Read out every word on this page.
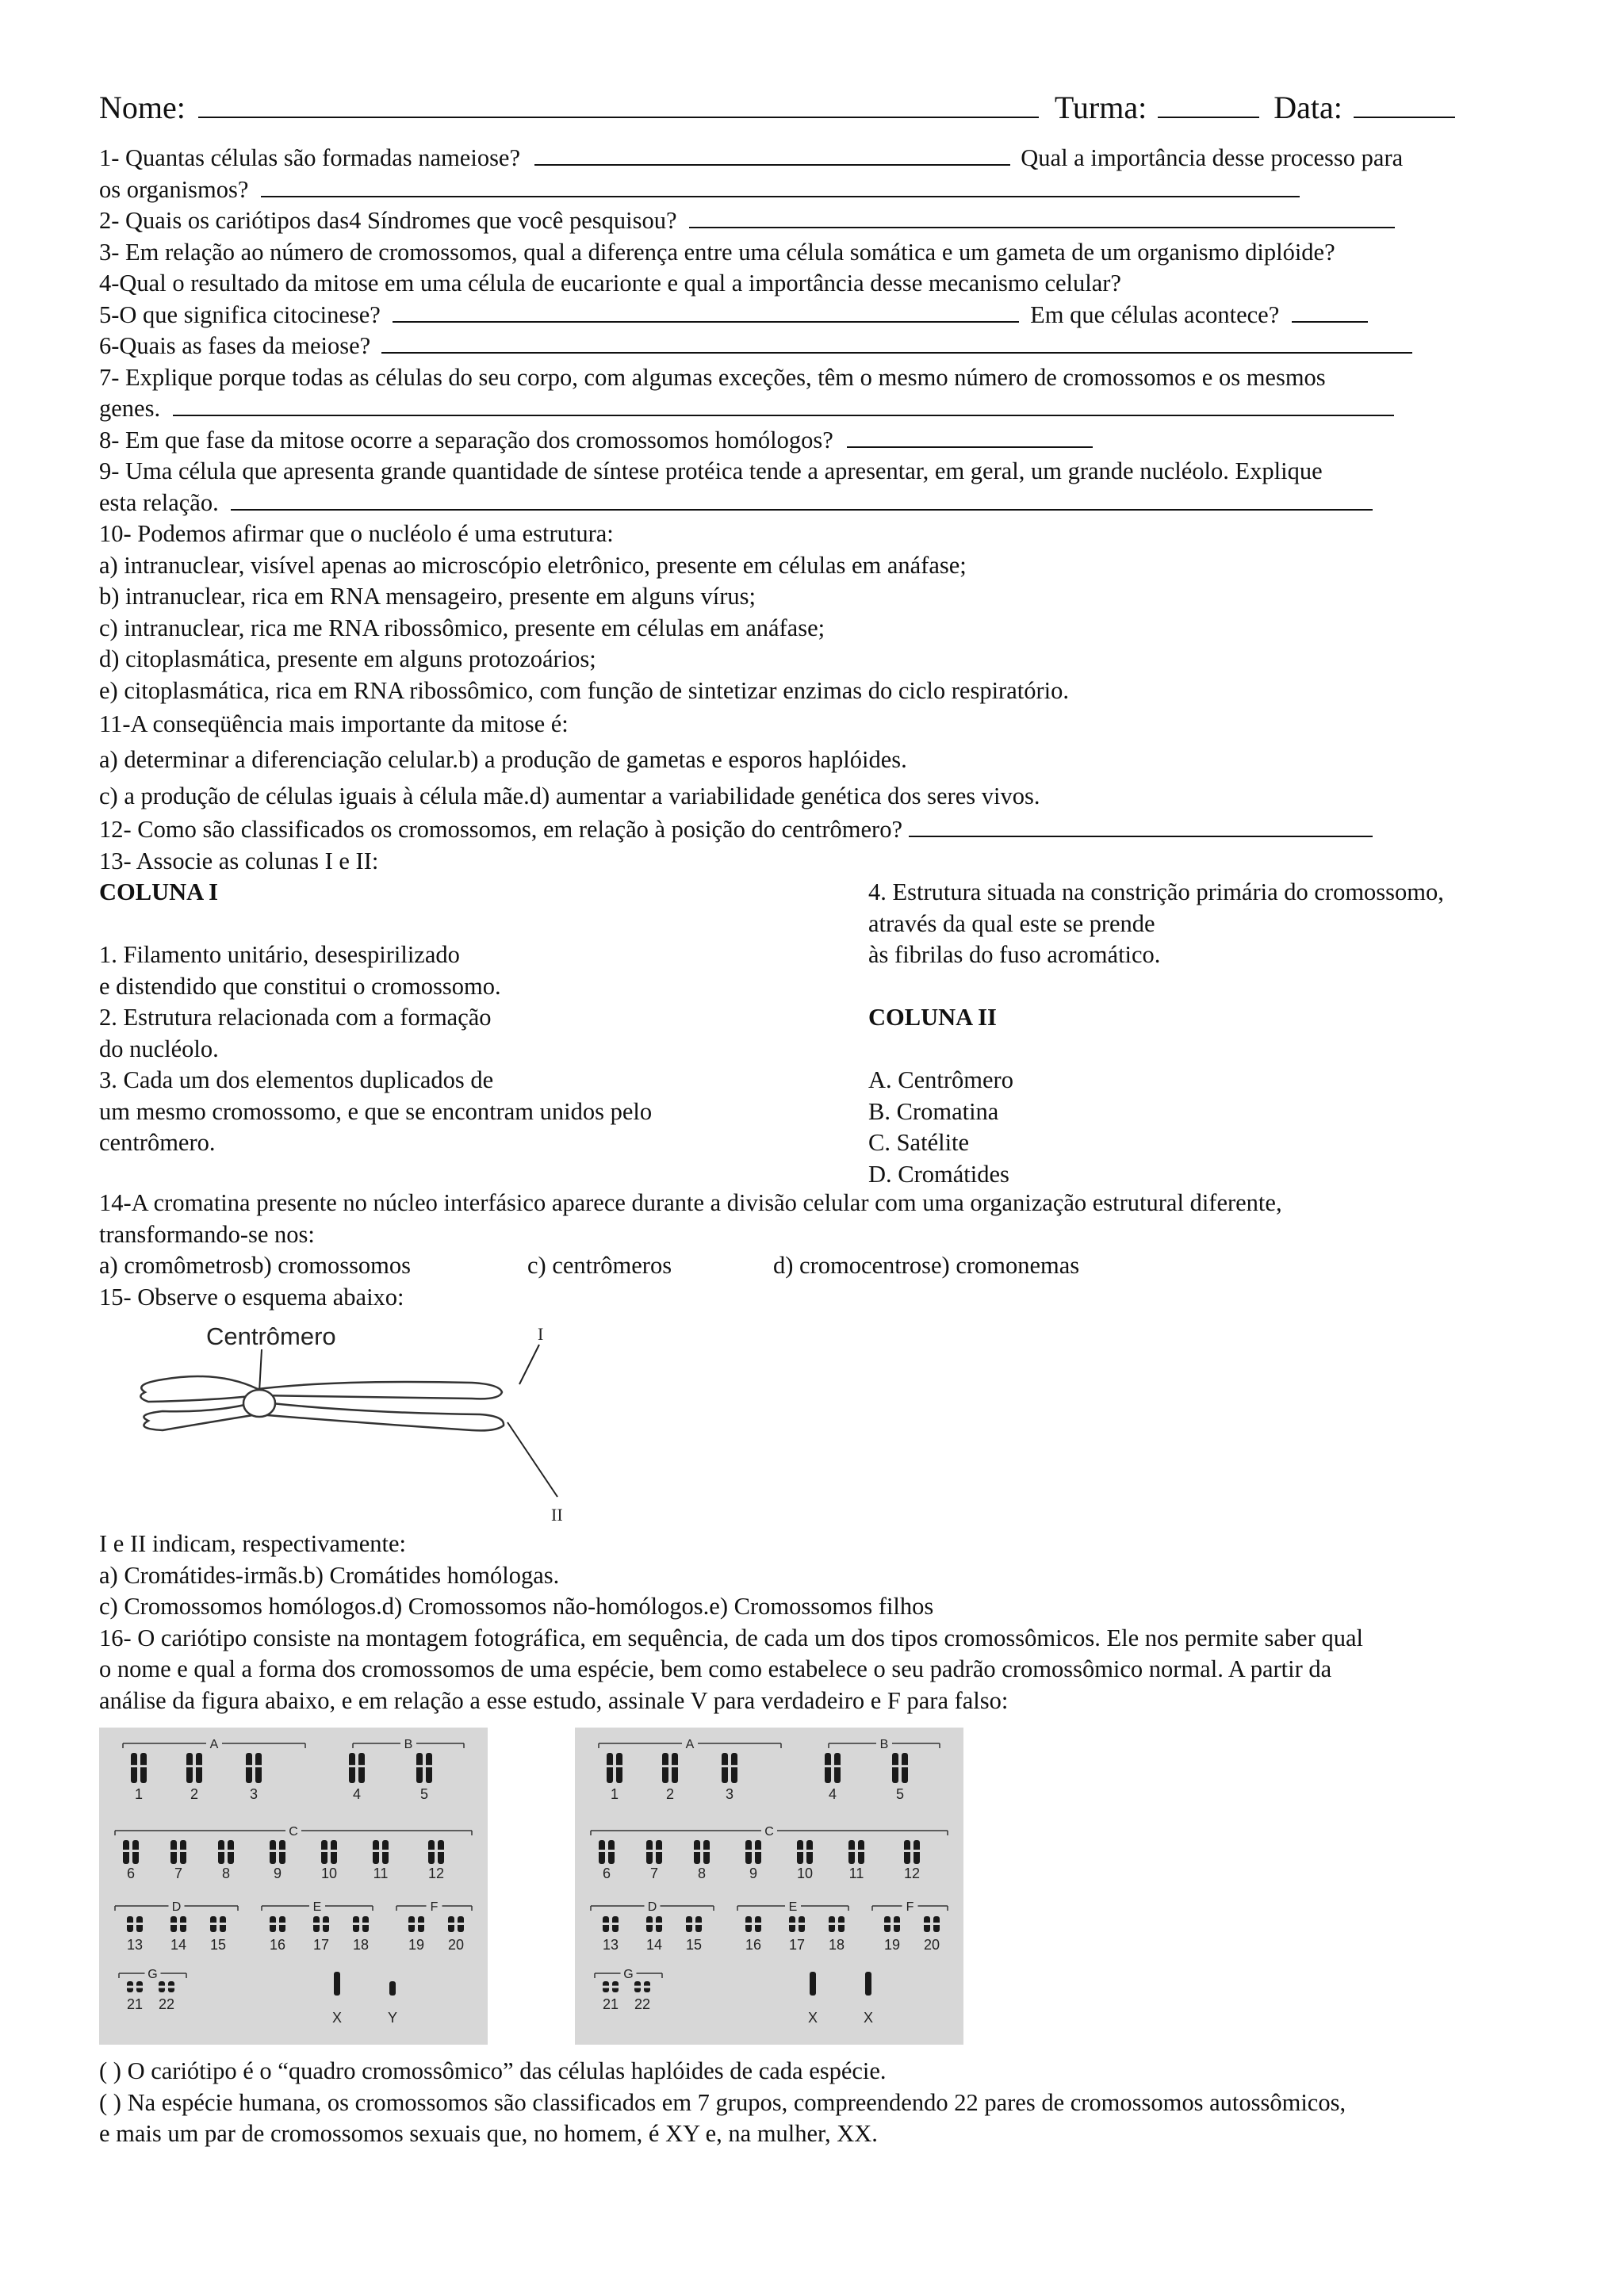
Nome:	Turma:	Data:
1- Quantas células são formadas nameiose?	Qual a importância desse processo para
os organismos?
2- Quais os cariótipos das4 Síndromes que você pesquisou?
3- Em relação ao número de cromossomos, qual a diferença entre uma célula somática e um gameta de um organismo diplóide?
4-Qual o resultado da mitose em uma célula de eucarionte e qual a importância desse mecanismo celular?
5-O que significa citocinese?	Em que células acontece?
6-Quais as fases da meiose?
7- Explique porque todas as células do seu corpo, com algumas exceções, têm o mesmo número de cromossomos e os mesmos
genes.
8- Em que fase da mitose ocorre a separação dos cromossomos homólogos?
9- Uma célula que apresenta grande quantidade de síntese protéica tende a apresentar, em geral, um grande nucléolo. Explique
esta relação.
10- Podemos afirmar que o nucléolo é uma estrutura:
a) intranuclear, visível apenas ao microscópio eletrônico, presente em células em anáfase;
b) intranuclear, rica em RNA mensageiro, presente em alguns vírus;
c) intranuclear, rica me RNA ribossômico, presente em células em anáfase;
d) citoplasmática, presente em alguns protozoários;
e) citoplasmática, rica em RNA ribossômico, com função de sintetizar enzimas do ciclo respiratório.
11-A conseqüência mais importante da mitose é:
a) determinar a diferenciação celular.b) a produção de gametas e esporos haplóides.
c) a produção de células iguais à célula mãe.d) aumentar a variabilidade genética dos seres vivos.
12- Como são classificados os cromossomos, em relação à posição do centrômero?
13- Associe as colunas I e II:
COLUNA I

1. Filamento unitário, desespirilizado
e distendido que constitui o cromossomo.
2. Estrutura relacionada com a formação
do nucléolo.
3. Cada um dos elementos duplicados de
um mesmo cromossomo, e que se encontram unidos pelo
centrômero.
4. Estrutura situada na constrição primária do cromossomo,
através da qual este se prende
às fibrilas do fuso acromático.

COLUNA II

A. Centrômero
B. Cromatina
C. Satélite
D. Cromátides
14-A cromatina presente no núcleo interfásico aparece durante a divisão celular com uma organização estrutural diferente,
transformando-se nos:
a) cromômetrosb) cromossomos	c) centrômeros	d) cromocentrose) cromonemas
15- Observe o esquema abaixo:
Centrômero	I
II
I e II indicam, respectivamente:
a) Cromátides-irmãs.b) Cromátides homólogas.
c) Cromossomos homólogos.d) Cromossomos não-homólogos.e) Cromossomos filhos
16- O cariótipo consiste na montagem fotográfica, em sequência, de cada um dos tipos cromossômicos. Ele nos permite saber qual
o nome e qual a forma dos cromossomos de uma espécie, bem como estabelece o seu padrão cromossômico normal. A partir da
análise da figura abaixo, e em relação a esse estudo, assinale V para verdadeiro e F para falso:
A	B
1	2	3	4	5
C
6	7	8	9	10	11	12
D	E	F
13 14 15	16 17 18	19 20
G
21 22
X	Y
A	B
1	2	3	4	5
C
6	7	8	9	10	11	12
D	E	F
13 14 15	16 17 18	19 20
G
21 22
X	X
( ) O cariótipo é o “quadro cromossômico” das células haplóides de cada espécie.
( ) Na espécie humana, os cromossomos são classificados em 7 grupos, compreendendo 22 pares de cromossomos autossômicos,
e mais um par de cromossomos sexuais que, no homem, é XY e, na mulher, XX.
